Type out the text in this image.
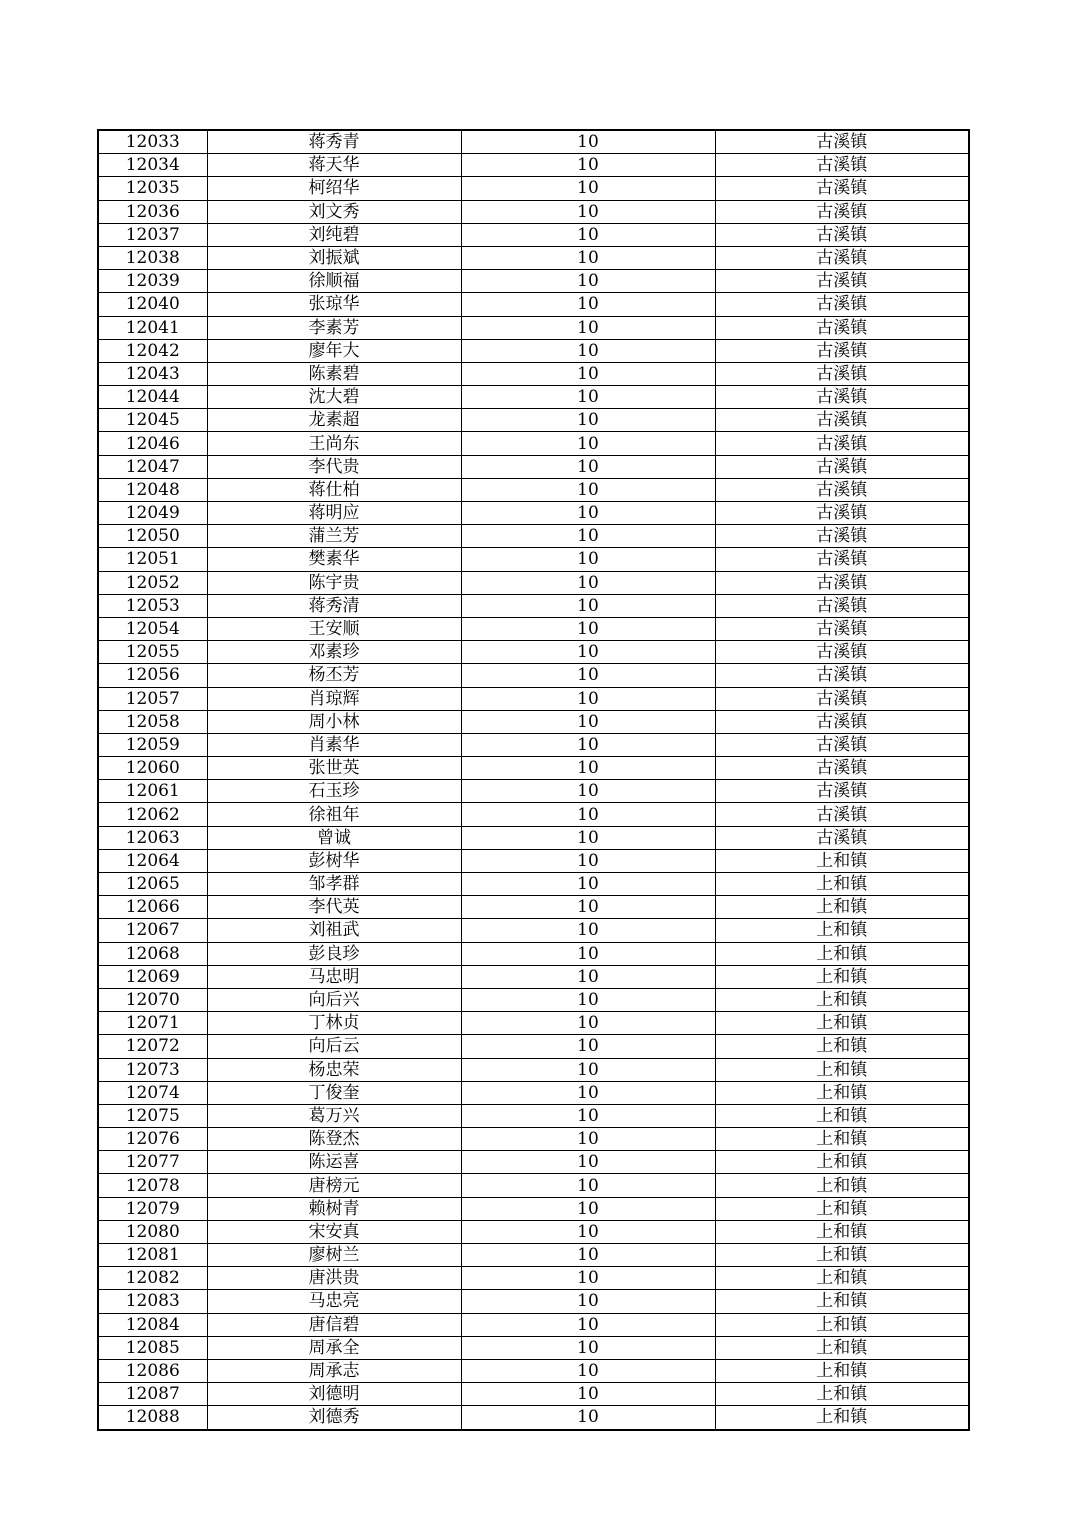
12033	蒋秀青	10	古溪镇
12034	蒋天华	10	古溪镇
12035	柯绍华	10	古溪镇
12036	刘文秀	10	古溪镇
12037	刘纯碧	10	古溪镇
12038	刘振斌	10	古溪镇
12039	徐顺福	10	古溪镇
12040	张琼华	10	古溪镇
12041	李素芳	10	古溪镇
12042	廖年大	10	古溪镇
12043	陈素碧	10	古溪镇
12044	沈大碧	10	古溪镇
12045	龙素超	10	古溪镇
12046	王尚东	10	古溪镇
12047	李代贵	10	古溪镇
12048	蒋仕柏	10	古溪镇
12049	蒋明应	10	古溪镇
12050	蒲兰芳	10	古溪镇
12051	樊素华	10	古溪镇
12052	陈宇贵	10	古溪镇
12053	蒋秀清	10	古溪镇
12054	王安顺	10	古溪镇
12055	邓素珍	10	古溪镇
12056	杨丕芳	10	古溪镇
12057	肖琼辉	10	古溪镇
12058	周小林	10	古溪镇
12059	肖素华	10	古溪镇
12060	张世英	10	古溪镇
12061	石玉珍	10	古溪镇
12062	徐祖年	10	古溪镇
12063	曾诚	10	古溪镇
12064	彭树华	10	上和镇
12065	邹孝群	10	上和镇
12066	李代英	10	上和镇
12067	刘祖武	10	上和镇
12068	彭良珍	10	上和镇
12069	马忠明	10	上和镇
12070	向后兴	10	上和镇
12071	丁林贞	10	上和镇
12072	向后云	10	上和镇
12073	杨忠荣	10	上和镇
12074	丁俊奎	10	上和镇
12075	葛万兴	10	上和镇
12076	陈登杰	10	上和镇
12077	陈运喜	10	上和镇
12078	唐榜元	10	上和镇
12079	赖树青	10	上和镇
12080	宋安真	10	上和镇
12081	廖树兰	10	上和镇
12082	唐洪贵	10	上和镇
12083	马忠亮	10	上和镇
12084	唐信碧	10	上和镇
12085	周承全	10	上和镇
12086	周承志	10	上和镇
12087	刘德明	10	上和镇
12088	刘德秀	10	上和镇
